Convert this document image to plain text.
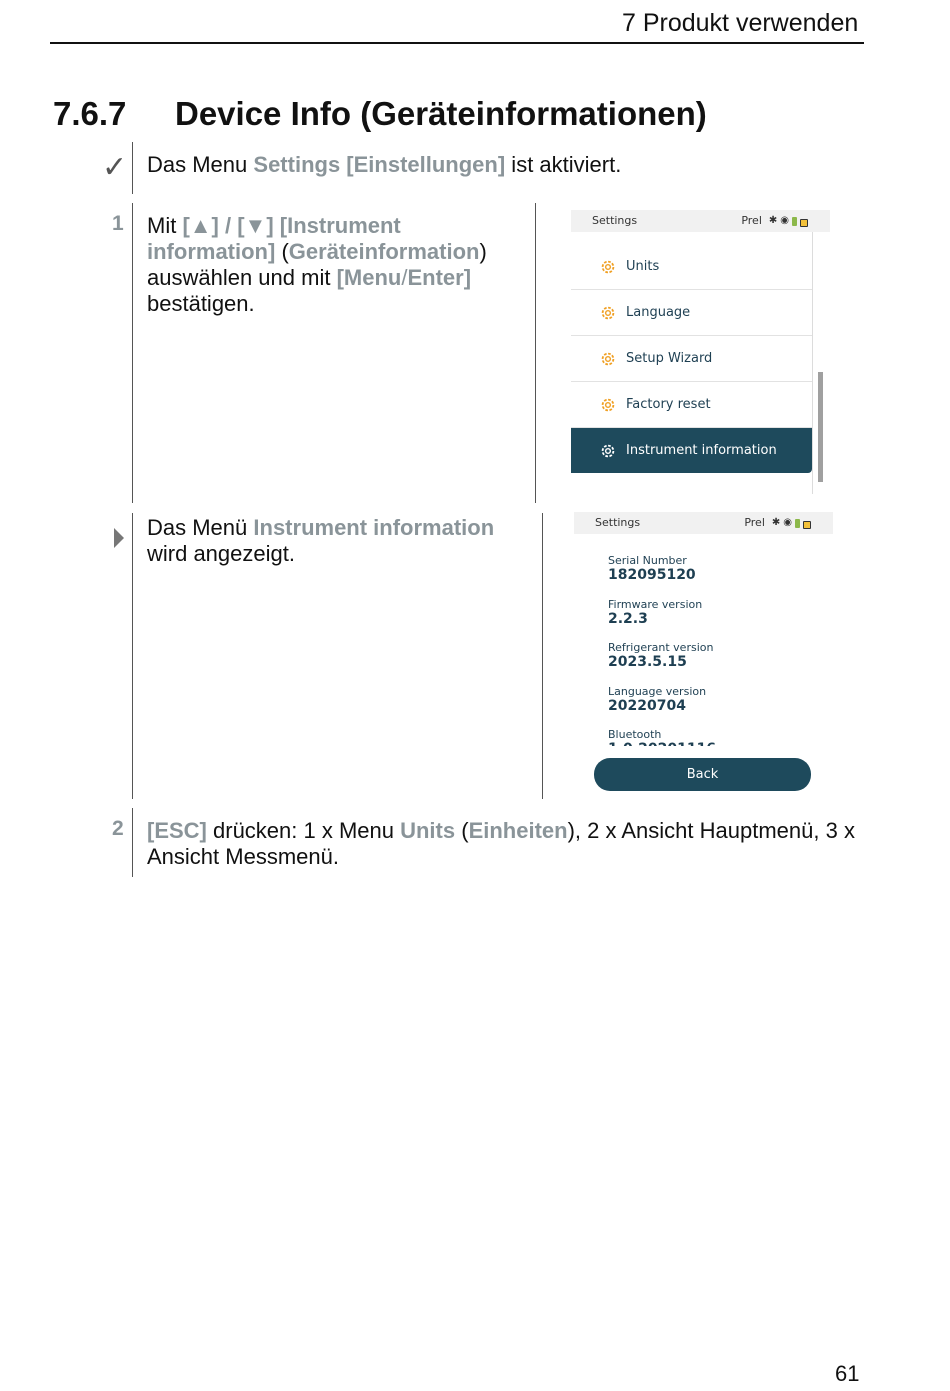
7 Produkt verwenden
7.6.7 Device Info (Geräteinformationen)
✓ Das Menu Settings [Einstellungen] ist aktiviert.
1 Mit [▲] / [▼] [Instrument information] (Geräteinformation) auswählen und mit [Menu/Enter] bestätigen.
Settings	Prel ✱ ◉
Units
Language
Setup Wizard
Factory reset
Instrument information
Das Menü Instrument information wird angezeigt.
Settings	Prel ✱ ◉
Serial Number
182095120
Firmware version
2.2.3
Refrigerant version
2023.5.15
Language version
20220704
Bluetooth
Back
2 [ESC] drücken: 1 x Menu Units (Einheiten), 2 x Ansicht Hauptmenü, 3 x Ansicht Messmenü.
61
